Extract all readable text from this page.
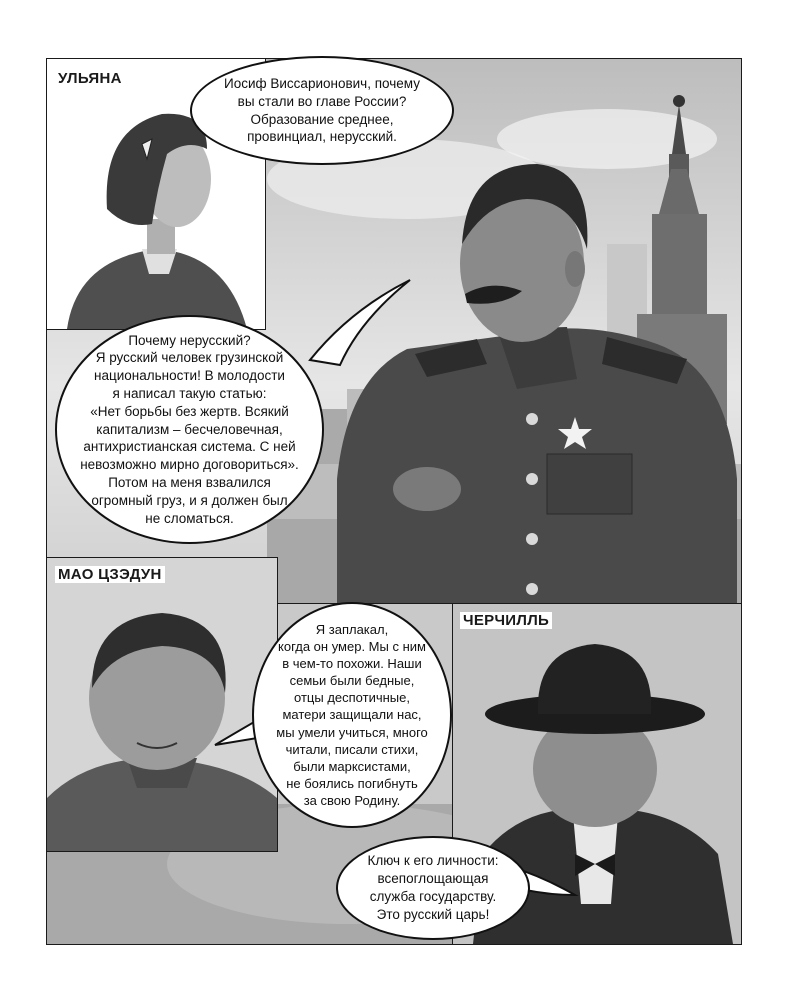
УЛЬЯНА
МАО ЦЗЭДУН
ЧЕРЧИЛЛЬ
Иосиф Виссарионович, почему
вы стали во главе России?
Образование среднее,
провинциал, нерусский.
Почему нерусский?
Я русский человек грузинской
национальности! В молодости
я написал такую статью:
«Нет борьбы без жертв. Всякий
капитализм – бесчеловечная,
антихристианская система. С ней
невозможно мирно договориться».
Потом на меня взвалился
огромный груз, и я должен был
не сломаться.
Я заплакал,
когда он умер. Мы с ним
в чем-то похожи. Наши
семьи были бедные,
отцы деспотичные,
матери защищали нас,
мы умели учиться, много
читали, писали стихи,
были марксистами,
не боялись погибнуть
за свою Родину.
Ключ к его личности:
всепоглощающая
служба государству.
Это русский царь!
